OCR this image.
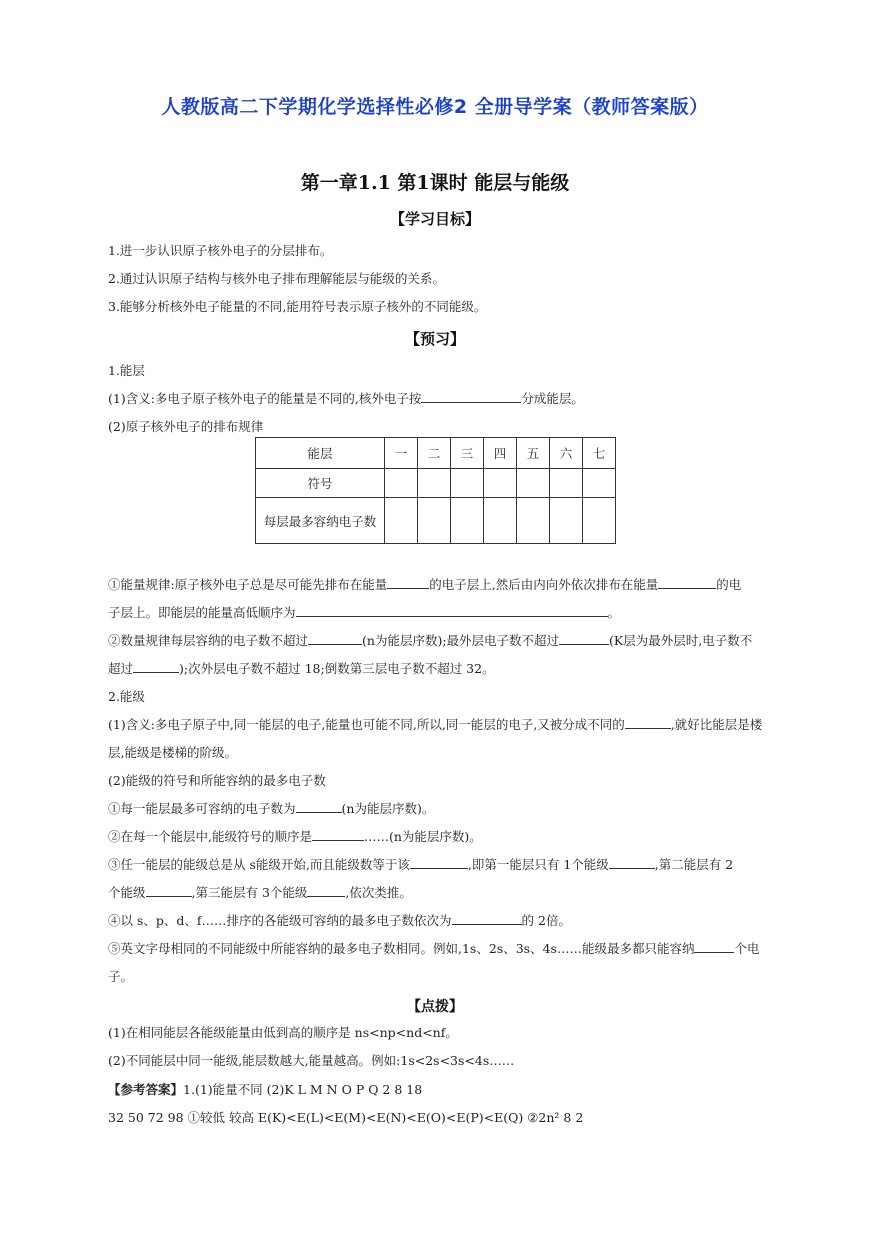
人教版高二下学期化学选择性必修2 全册导学案（教师答案版）
第一章1.1 第1课时 能层与能级
【学习目标】
1.进一步认识原子核外电子的分层排布。
2.通过认识原子结构与核外电子排布理解能层与能级的关系。
3.能够分析核外电子能量的不同,能用符号表示原子核外的不同能级。
【预习】
1.能层
(1)含义:多电子原子核外电子的能量是不同的,核外电子按	分成能层。
(2)原子核外电子的排布规律
能层	一	二	三	四	五	六	七
符号							
每层最多容纳电子数							
①能量规律:原子核外电子总是尽可能先排布在能量	的电子层上,然后由内向外依次排布在能量	的电
子层上。即能层的能量高低顺序为	。
②数量规律每层容纳的电子数不超过	(n为能层序数);最外层电子数不超过	(K层为最外层时,电子数不
超过	);次外层电子数不超过 18;倒数第三层电子数不超过 32。
2.能级
(1)含义:多电子原子中,同一能层的电子,能量也可能不同,所以,同一能层的电子,又被分成不同的	,就好比能层是楼
层,能级是楼梯的阶级。
(2)能级的符号和所能容纳的最多电子数
①每一能层最多可容纳的电子数为	(n为能层序数)。
②在每一个能层中,能级符号的顺序是	……(n为能层序数)。
③任一能层的能级总是从 s能级开始,而且能级数等于该	,即第一能层只有 1个能级	,第二能层有 2
个能级	,第三能层有 3个能级	,依次类推。
④以 s、p、d、f……排序的各能级可容纳的最多电子数依次为	的 2倍。
⑤英文字母相同的不同能级中所能容纳的最多电子数相同。例如,1s、2s、3s、4s……能级最多都只能容纳	个电
子。
【点拨】
(1)在相同能层各能级能量由低到高的顺序是 ns<np<nd<nf。
(2)不同能层中同一能级,能层数越大,能量越高。例如:1s<2s<3s<4s……
【参考答案】1.(1)能量不同 (2)K L M N O P Q 2 8 18
32 50 72 98 ①较低 较高 E(K)<E(L)<E(M)<E(N)<E(O)<E(P)<E(Q) ②2n² 8 2
